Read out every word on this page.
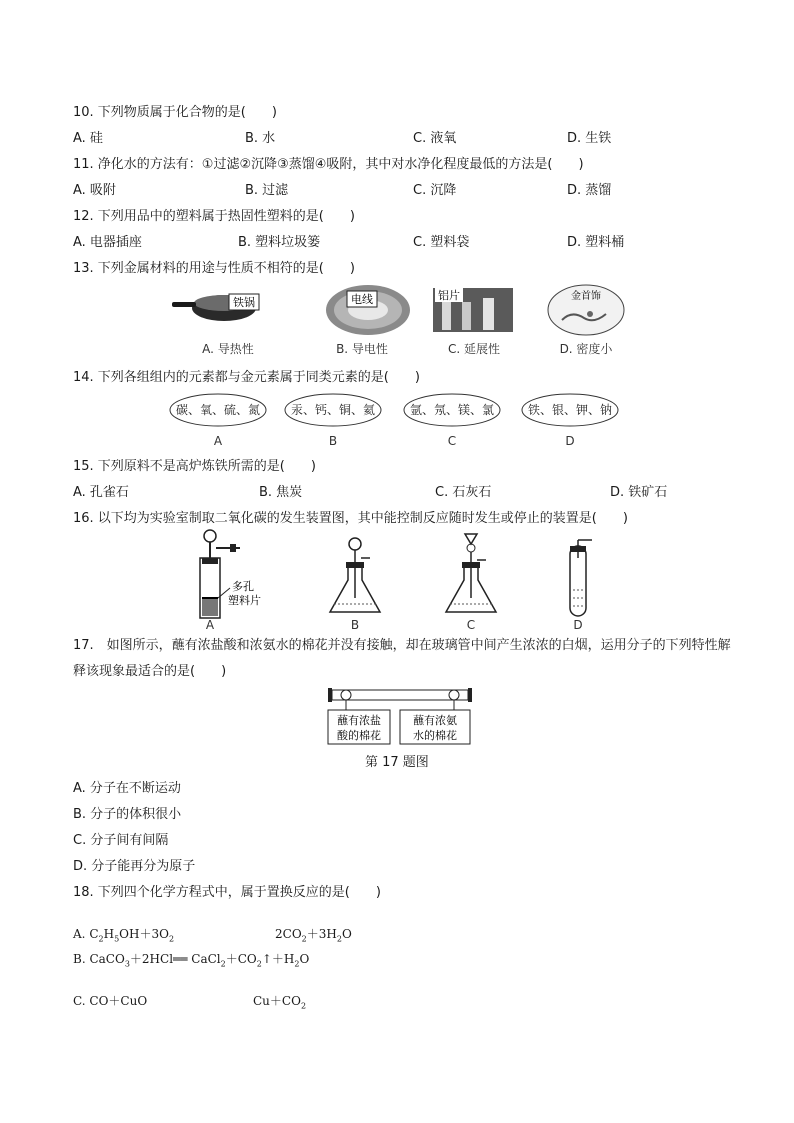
10. 下列物质属于化合物的是(　　)
A. 硅	B. 水	C. 液氧	D. 生铁
11. 净化水的方法有：①过滤②沉降③蒸馏④吸附，其中对水净化程度最低的方法是(　　)
A. 吸附	B. 过滤	C. 沉降	D. 蒸馏
12. 下列用品中的塑料属于热固性塑料的是(　　)
A. 电器插座	B. 塑料垃圾篓	C. 塑料袋	D. 塑料桶
13. 下列金属材料的用途与性质不相符的是(　　)
铁锅	电线	铝片	金首饰
A. 导热性	B. 导电性	C. 延展性	D. 密度小
14. 下列各组组内的元素都与金元素属于同类元素的是(　　)
碳、氧、硫、氮	汞、钙、铜、氦	氩、氖、镁、氯	铁、银、钾、钠
A	B	C	D
15. 下列原料不是高炉炼铁所需的是(　　)
A. 孔雀石	B. 焦炭	C. 石灰石	D. 铁矿石
16. 以下均为实验室制取二氧化碳的发生装置图，其中能控制反应随时发生或停止的装置是(　　)
多孔
塑料片
A	B	C	D
17.　如图所示，蘸有浓盐酸和浓氨水的棉花并没有接触，却在玻璃管中间产生浓浓的白烟，运用分子的下列特性解释该现象最适合的是(　　)
蘸有浓盐
酸的棉花
蘸有浓氨
水的棉花
第 17 题图
A. 分子在不断运动
B. 分子的体积很小
C. 分子间有间隔
D. 分子能再分为原子
18. 下列四个化学方程式中，属于置换反应的是(　　)
A. $C_2H_5OH+3O_2$	$2CO_2+3H_2O$
B. CaCO$_3$＋2HCl══ $CaCl_2+CO_2↑+H_2O$
C. CO＋CuO	$Cu+CO_2$
